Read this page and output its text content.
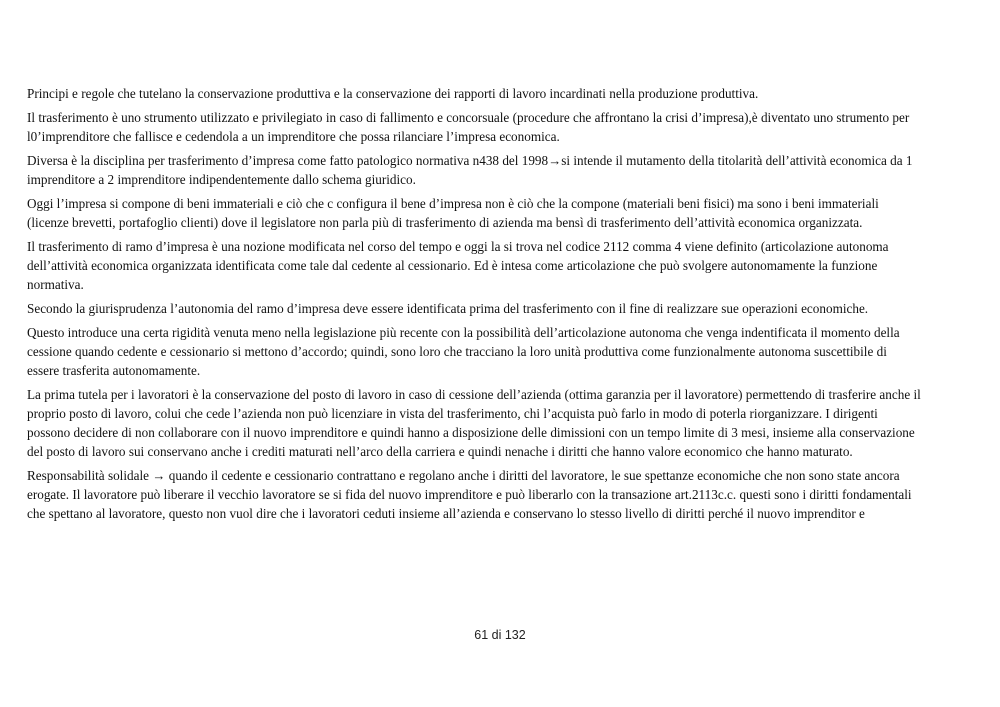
Principi e regole che tutelano la conservazione produttiva e la conservazione dei rapporti di lavoro incardinati nella produzione produttiva.

Il trasferimento è uno strumento utilizzato e privilegiato in caso di fallimento e concorsuale (procedure che affrontano la crisi d’impresa),è diventato uno strumento per l0’imprenditore che fallisce e cedendola a un imprenditore che possa rilanciare l’impresa economica.

Diversa è la disciplina per trasferimento d’impresa come fatto patologico normativa n438 del 1998→si intende il mutamento della titolarità dell’attività economica da 1 imprenditore a 2 imprenditore indipendentemente dallo schema giuridico.

Oggi l’impresa si compone di beni immateriali e ciò che c configura il bene d’impresa non è ciò che la compone (materiali beni fisici) ma sono i beni immateriali (licenze brevetti, portafoglio clienti) dove il legislatore non parla più di trasferimento di azienda ma bensì di trasferimento dell’attività economica organizzata.

Il trasferimento di ramo d’impresa è una nozione modificata nel corso del tempo e oggi la si trova nel codice 2112 comma 4 viene definito (articolazione autonoma dell’attività economica organizzata identificata come tale dal cedente al cessionario. Ed è intesa come articolazione che può svolgere autonomamente la funzione normativa.

Secondo la giurisprudenza l’autonomia del ramo d’impresa deve essere identificata prima del trasferimento con il fine di realizzare sue operazioni economiche.

Questo introduce una certa rigidità venuta meno nella legislazione più recente con la possibilità dell’articolazione autonoma che venga indentificata il momento della cessione quando cedente e cessionario si mettono d’accordo; quindi, sono loro che tracciano la loro unità produttiva come funzionalmente autonoma suscettibile di essere trasferita autonomamente.

La prima tutela per i lavoratori è la conservazione del posto di lavoro in caso di cessione dell’azienda (ottima garanzia per il lavoratore) permettendo di trasferire anche il proprio posto di lavoro, colui che cede l’azienda non può licenziare in vista del trasferimento, chi l’acquista può farlo in modo di poterla riorganizzare. I dirigenti possono decidere di non collaborare con il nuovo imprenditore e quindi hanno a disposizione delle dimissioni con un tempo limite di 3 mesi, insieme alla conservazione del posto di lavoro sui conservano anche i crediti maturati nell’arco della carriera e quindi nenache i diritti che hanno valore economico che hanno maturato.

Responsabilità solidale → quando il cedente e cessionario contrattano e regolano anche i diritti del lavoratore, le sue spettanze economiche che non sono state ancora erogate. Il lavoratore può liberare il vecchio lavoratore se si fida del nuovo imprenditore e può liberarlo con la transazione art.2113c.c. questi sono i diritti fondamentali che spettano al lavoratore, questo non vuol dire che i lavoratori ceduti insieme all’azienda e conservano lo stesso livello di diritti perché il nuovo imprenditor e

61 di 132
